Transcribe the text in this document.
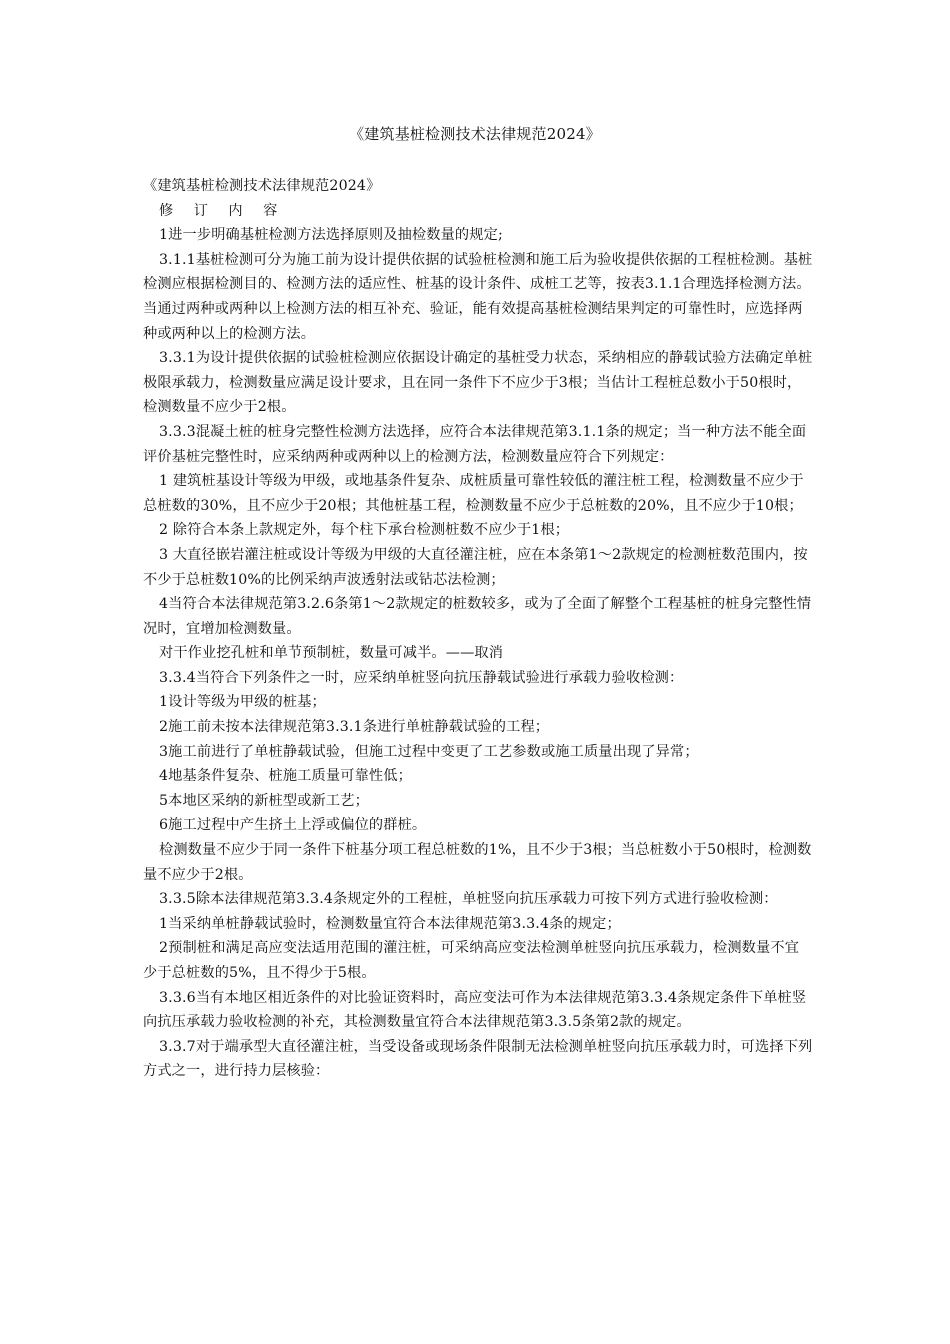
《建筑基桩检测技术法律规范2024》

《建筑基桩检测技术法律规范2024》

修 订 内 容

1进一步明确基桩检测方法选择原则及抽检数量的规定;

3.1.1基桩检测可分为施工前为设计提供依据的试验桩检测和施工后为验收提供依据的工程桩检测。基桩检测应根据检测目的、检测方法的适应性、桩基的设计条件、成桩工艺等，按表3.1.1合理选择检测方法。当通过两种或两种以上检测方法的相互补充、验证，能有效提高基桩检测结果判定的可靠性时，应选择两种或两种以上的检测方法。

3.3.1为设计提供依据的试验桩检测应依据设计确定的基桩受力状态，采纳相应的静载试验方法确定单桩极限承载力，检测数量应满足设计要求，且在同一条件下不应少于3根；当估计工程桩总数小于50根时，检测数量不应少于2根。

3.3.3混凝土桩的桩身完整性检测方法选择，应符合本法律规范第3.1.1条的规定；当一种方法不能全面评价基桩完整性时，应采纳两种或两种以上的检测方法，检测数量应符合下列规定：

1 建筑桩基设计等级为甲级，或地基条件复杂、成桩质量可靠性较低的灌注桩工程，检测数量不应少于总桩数的30%，且不应少于20根；其他桩基工程，检测数量不应少于总桩数的20%，且不应少于10根；

2 除符合本条上款规定外，每个柱下承台检测桩数不应少于1根；

3 大直径嵌岩灌注桩或设计等级为甲级的大直径灌注桩，应在本条第1～2款规定的检测桩数范围内，按不少于总桩数10%的比例采纳声波透射法或钻芯法检测；

4当符合本法律规范第3.2.6条第1～2款规定的桩数较多，或为了全面了解整个工程基桩的桩身完整性情况时，宜增加检测数量。

对干作业挖孔桩和单节预制桩，数量可减半。——取消

3.3.4当符合下列条件之一时，应采纳单桩竖向抗压静载试验进行承载力验收检测：

1设计等级为甲级的桩基；

2施工前未按本法律规范第3.3.1条进行单桩静载试验的工程；

3施工前进行了单桩静载试验，但施工过程中变更了工艺参数或施工质量出现了异常；

4地基条件复杂、桩施工质量可靠性低；

5本地区采纳的新桩型或新工艺；

6施工过程中产生挤土上浮或偏位的群桩。

检测数量不应少于同一条件下桩基分项工程总桩数的1%，且不少于3根；当总桩数小于50根时，检测数量不应少于2根。

3.3.5除本法律规范第3.3.4条规定外的工程桩，单桩竖向抗压承载力可按下列方式进行验收检测：

1当采纳单桩静载试验时，检测数量宜符合本法律规范第3.3.4条的规定；

2预制桩和满足高应变法适用范围的灌注桩，可采纳高应变法检测单桩竖向抗压承载力，检测数量不宜少于总桩数的5%，且不得少于5根。

3.3.6当有本地区相近条件的对比验证资料时，高应变法可作为本法律规范第3.3.4条规定条件下单桩竖向抗压承载力验收检测的补充，其检测数量宜符合本法律规范第3.3.5条第2款的规定。

3.3.7对于端承型大直径灌注桩，当受设备或现场条件限制无法检测单桩竖向抗压承载力时，可选择下列方式之一，进行持力层核验：
